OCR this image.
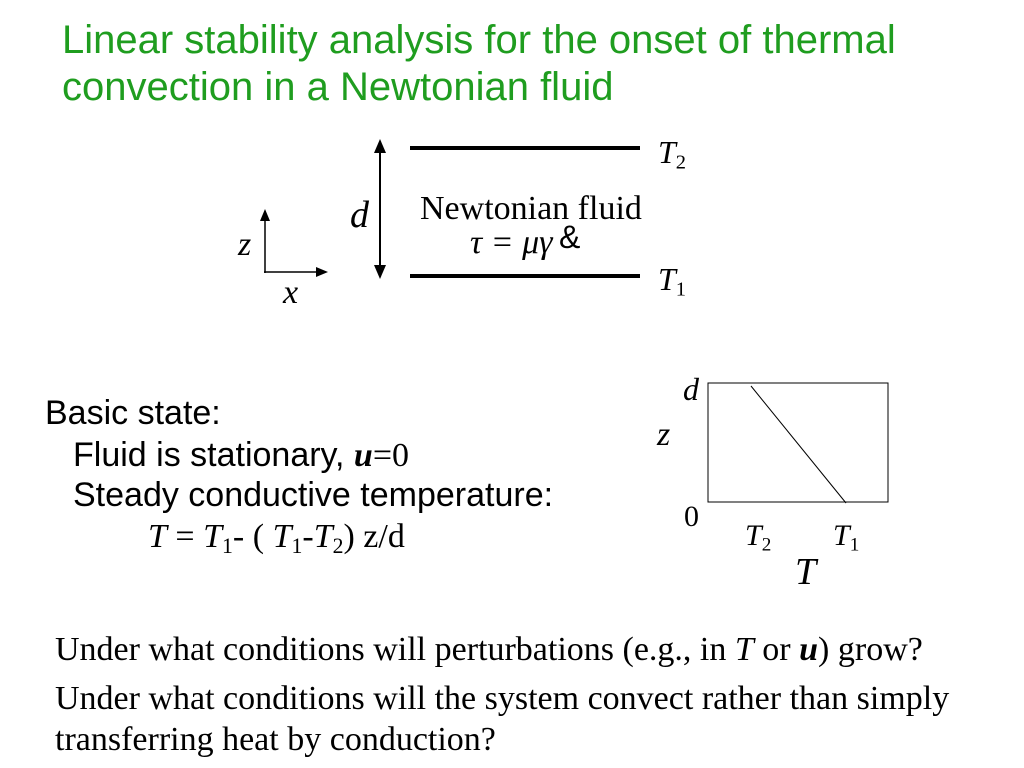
Linear stability analysis for the onset of thermal
convection in a Newtonian fluid
d
$T_2$
$T_1$
Newtonian fluid
τ = μγ &
z
x
Basic state:
Fluid is stationary, u=0
Steady conductive temperature:
$T = T_1-$ ( $T_1-T_2$) z/d
d
z
0
$T_2$ $T_1$
T
Under what conditions will perturbations (e.g., in T or u) grow?
Under what conditions will the system convect rather than simply
transferring heat by conduction?
